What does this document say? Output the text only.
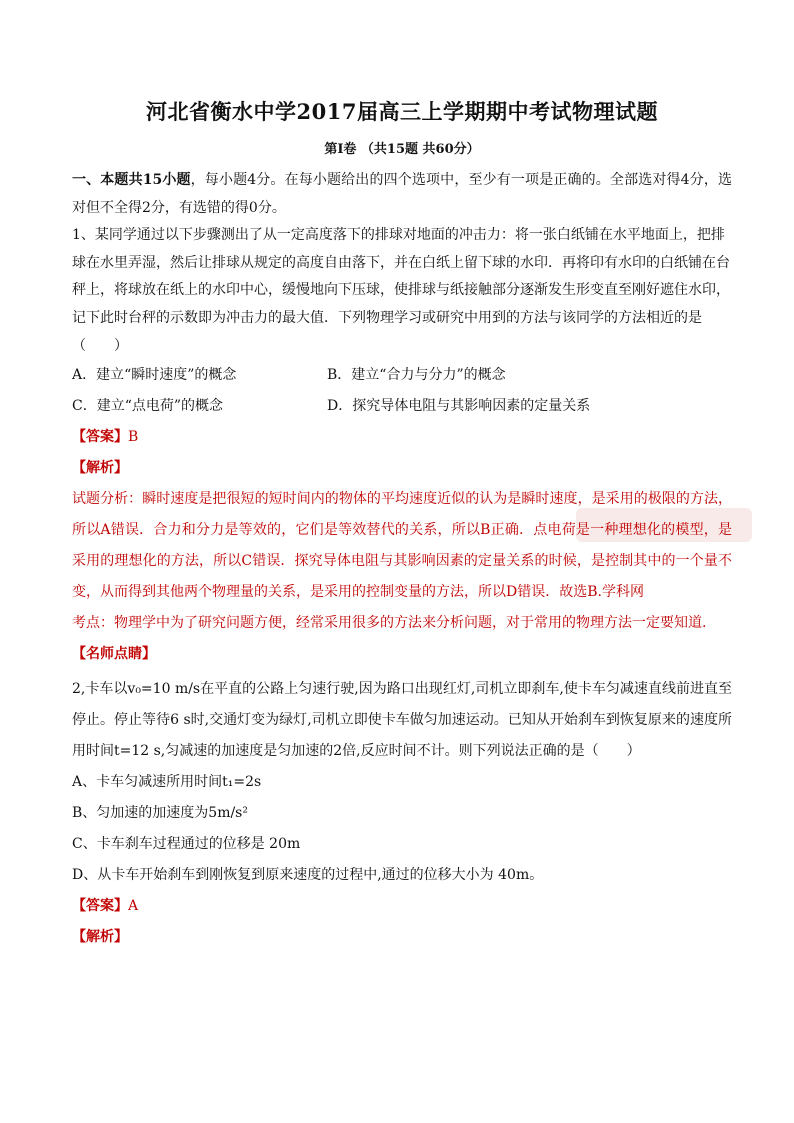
河北省衡水中学2017届高三上学期期中考试物理试题
第I卷 （共15题 共60分）

一、本题共15小题，每小题4分。在每小题给出的四个选项中，至少有一项是正确的。全部选对得4分，选对但不全得2分，有选错的得0分。

1、某同学通过以下步骤测出了从一定高度落下的排球对地面的冲击力：将一张白纸铺在水平地面上，把排球在水里弄湿，然后让排球从规定的高度自由落下，并在白纸上留下球的水印．再将印有水印的白纸铺在台秤上，将球放在纸上的水印中心，缓慢地向下压球，使排球与纸接触部分逐渐发生形变直至刚好遮住水印，记下此时台秤的示数即为冲击力的最大值．下列物理学习或研究中用到的方法与该同学的方法相近的是（　　）

A．建立“瞬时速度”的概念	B．建立“合力与分力”的概念
C．建立“点电荷”的概念	D．探究导体电阻与其影响因素的定量关系
【答案】B
【解析】

试题分析：瞬时速度是把很短的短时间内的物体的平均速度近似的认为是瞬时速度，是采用的极限的方法，所以A错误．合力和分力是等效的，它们是等效替代的关系，所以B正确．点电荷是一种理想化的模型，是采用的理想化的方法，所以C错误．探究导体电阻与其影响因素的定量关系的时候，是控制其中的一个量不变，从而得到其他两个物理量的关系，是采用的控制变量的方法，所以D错误．故选B.学科网

考点：物理学中为了研究问题方便，经常采用很多的方法来分析问题，对于常用的物理方法一定要知道.

【名师点睛】

2,卡车以v₀=10 m/s在平直的公路上匀速行驶,因为路口出现红灯,司机立即刹车,使卡车匀减速直线前进直至停止。停止等待6 s时,交通灯变为绿灯,司机立即使卡车做匀加速运动。已知从开始刹车到恢复原来的速度所用时间t=12 s,匀减速的加速度是匀加速的2倍,反应时间不计。则下列说法正确的是（　　）

A、卡车匀减速所用时间t₁=2s

B、匀加速的加速度为5m/s²

C、卡车刹车过程通过的位移是 20m

D、从卡车开始刹车到刚恢复到原来速度的过程中,通过的位移大小为 40m。

【答案】A
【解析】
